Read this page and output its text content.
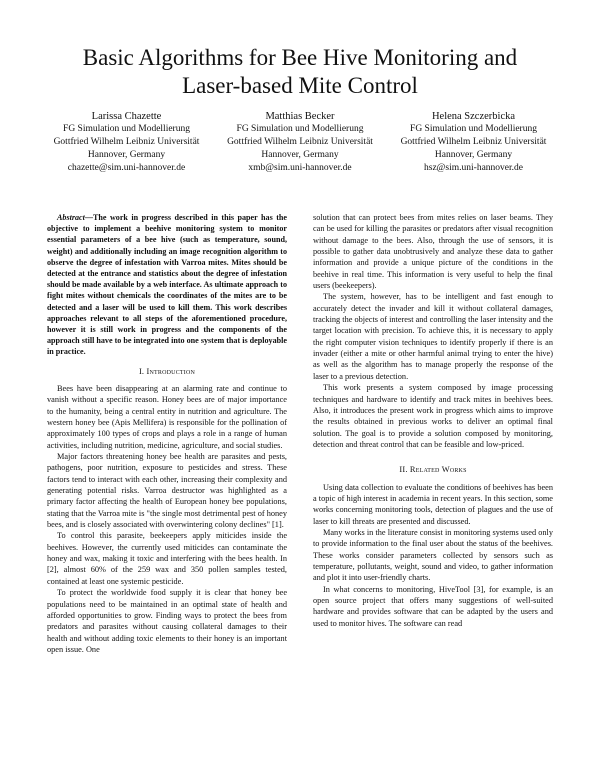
Basic Algorithms for Bee Hive Monitoring and
Laser-based Mite Control
Larissa Chazette
FG Simulation und Modellierung
Gottfried Wilhelm Leibniz Universität
Hannover, Germany
chazette@sim.uni-hannover.de
Matthias Becker
FG Simulation und Modellierung
Gottfried Wilhelm Leibniz Universität
Hannover, Germany
xmb@sim.uni-hannover.de
Helena Szczerbicka
FG Simulation und Modellierung
Gottfried Wilhelm Leibniz Universität
Hannover, Germany
hsz@sim.uni-hannover.de

Abstract—The work in progress described in this paper has the objective to implement a beehive monitoring system to monitor essential parameters of a bee hive (such as temperature, sound, weight) and additionally including an image recognition algorithm to observe the degree of infestation with Varroa mites. Mites should be detected at the entrance and statistics about the degree of infestation should be made available by a web interface. As ultimate approach to fight mites without chemicals the coordinates of the mites are to be detected and a laser will be used to kill them. This work describes approaches relevant to all steps of the aforementioned procedure, however it is still work in progress and the components of the approach still have to be integrated into one system that is deployable in practice.

I. Introduction

Bees have been disappearing at an alarming rate and continue to vanish without a specific reason. Honey bees are of major importance to the humanity, being a central entity in nutrition and agriculture. The western honey bee (Apis Mellifera) is responsible for the pollination of approximately 100 types of crops and plays a role in a range of human activities, including nutrition, medicine, agriculture, and social studies.

Major factors threatening honey bee health are parasites and pests, pathogens, poor nutrition, exposure to pesticides and stress. These factors tend to interact with each other, increasing their complexity and generating potential risks. Varroa destructor was highlighted as a primary factor affecting the health of European honey bee populations, stating that the Varroa mite is "the single most detrimental pest of honey bees, and is closely associated with overwintering colony declines" [1].

To control this parasite, beekeepers apply miticides inside the beehives. However, the currently used miticides can contaminate the honey and wax, making it toxic and interfering with the bees health. In [2], almost 60% of the 259 wax and 350 pollen samples tested, contained at least one systemic pesticide.

To protect the worldwide food supply it is clear that honey bee populations need to be maintained in an optimal state of health and afforded opportunities to grow. Finding ways to protect the bees from predators and parasites without causing collateral damages to their health and without adding toxic elements to their honey is an important open issue. One

solution that can protect bees from mites relies on laser beams. They can be used for killing the parasites or predators after visual recognition without damage to the bees. Also, through the use of sensors, it is possible to gather data unobtrusively and analyze these data to gather information and provide a unique picture of the conditions in the beehive in real time. This information is very useful to help the final users (beekeepers).

The system, however, has to be intelligent and fast enough to accurately detect the invader and kill it without collateral damages, tracking the objects of interest and controlling the laser intensity and the target location with precision. To achieve this, it is necessary to apply the right computer vision techniques to identify properly if there is an invader (either a mite or other harmful animal trying to enter the hive) as well as the algorithm has to manage properly the response of the laser to a previous detection.

This work presents a system composed by image processing techniques and hardware to identify and track mites in beehives bees. Also, it introduces the present work in progress which aims to improve the results obtained in previous works to deliver an optimal final solution. The goal is to provide a solution composed by monitoring, detection and threat control that can be feasible and low-priced.

II. Related Works

Using data collection to evaluate the conditions of beehives has been a topic of high interest in academia in recent years. In this section, some works concerning monitoring tools, detection of plagues and the use of laser to kill threats are presented and discussed.

Many works in the literature consist in monitoring systems used only to provide information to the final user about the status of the beehives. These works consider parameters collected by sensors such as temperature, pollutants, weight, sound and video, to gather information and plot it into user-friendly charts.

In what concerns to monitoring, HiveTool [3], for example, is an open source project that offers many suggestions of well-suited hardware and provides software that can be adapted by the users and used to monitor hives. The software can read
